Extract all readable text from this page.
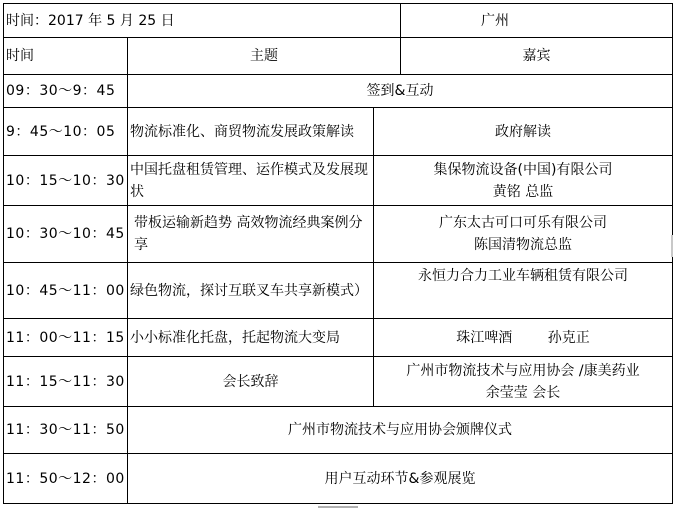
时间：2017 年 5 月 25 日			广州
时间	主题		嘉宾
09：30～9：45	签到&互动		
9：45～10：05	物流标准化、商贸物流发展政策解读	政府解读	
10：15～10：30	中国托盘租赁管理、运作模式及发展现状	集保物流设备(中国)有限公司
黄铭 总监	

10：30～10：45	带板运输新趋势 高效物流经典案例分享	广东太古可口可乐有限公司
陈国清物流总监	

10：45～11：00	绿色物流，探讨互联叉车共享新模式）	永恒力合力工业车辆租赁有限公司	
11：00～11：15	小小标准化托盘，托起物流大变局	珠江啤酒        孙克正	
11：15～11：30	会长致辞	广州市物流技术与应用协会 /康美药业
余莹莹 会长	

11：30～11：50	广州市物流技术与应用协会颁牌仪式		
11：50～12：00	用户互动环节&参观展览		
